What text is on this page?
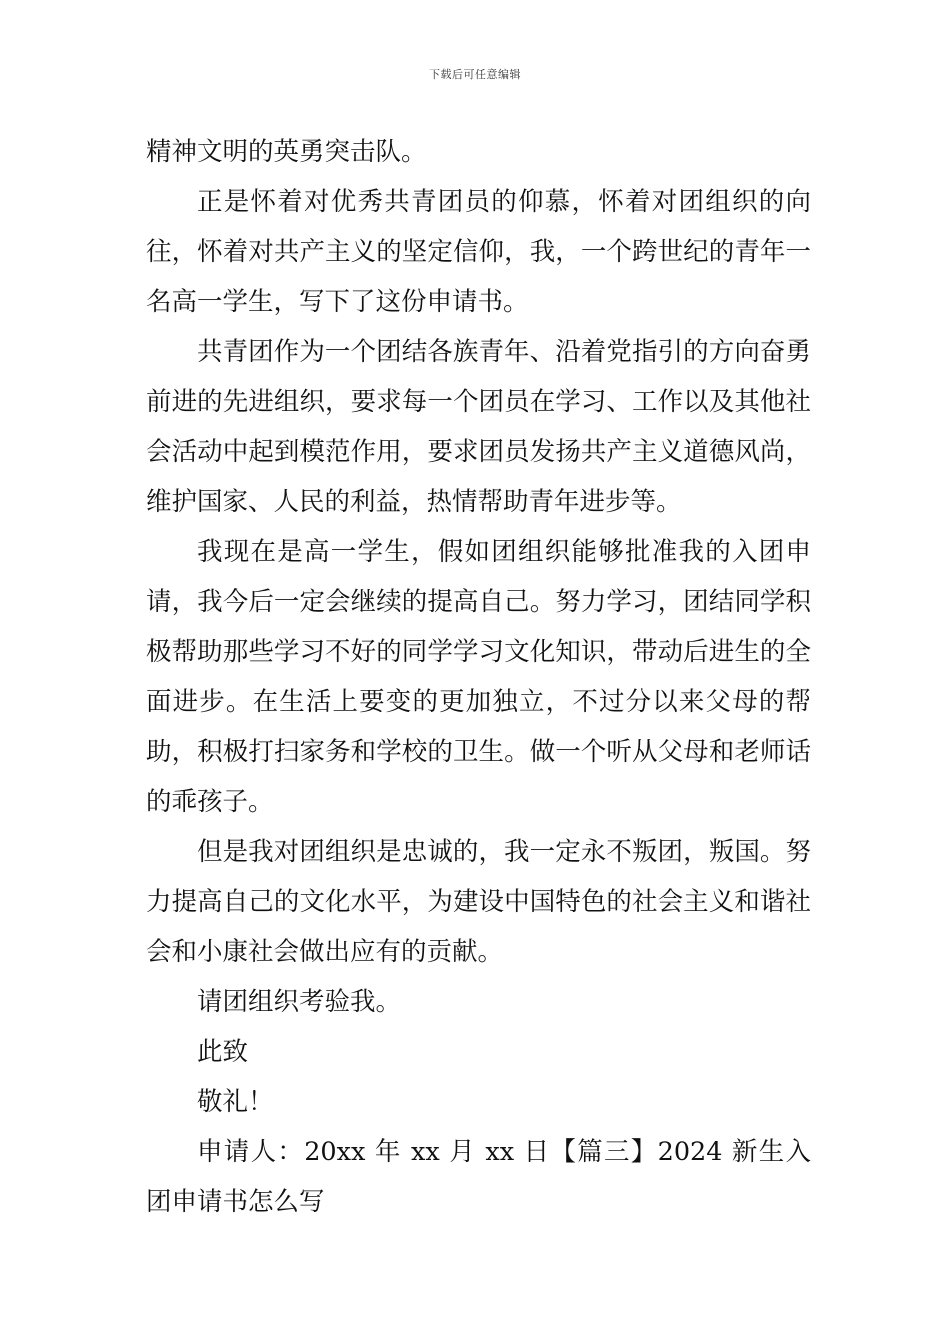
下载后可任意编辑

精神文明的英勇突击队。

正是怀着对优秀共青团员的仰慕，怀着对团组织的向往，怀着对共产主义的坚定信仰，我，一个跨世纪的青年一名高一学生，写下了这份申请书。

共青团作为一个团结各族青年、沿着党指引的方向奋勇前进的先进组织，要求每一个团员在学习、工作以及其他社会活动中起到模范作用，要求团员发扬共产主义道德风尚，维护国家、人民的利益，热情帮助青年进步等。

我现在是高一学生，假如团组织能够批准我的入团申请，我今后一定会继续的提高自己。努力学习，团结同学积极帮助那些学习不好的同学学习文化知识，带动后进生的全面进步。在生活上要变的更加独立，不过分以来父母的帮助，积极打扫家务和学校的卫生。做一个听从父母和老师话的乖孩子。

但是我对团组织是忠诚的，我一定永不叛团，叛国。努力提高自己的文化水平，为建设中国特色的社会主义和谐社会和小康社会做出应有的贡献。

请团组织考验我。

此致

敬礼！

申请人：20xx 年 xx 月 xx 日【篇三】2024 新生入团申请书怎么写
